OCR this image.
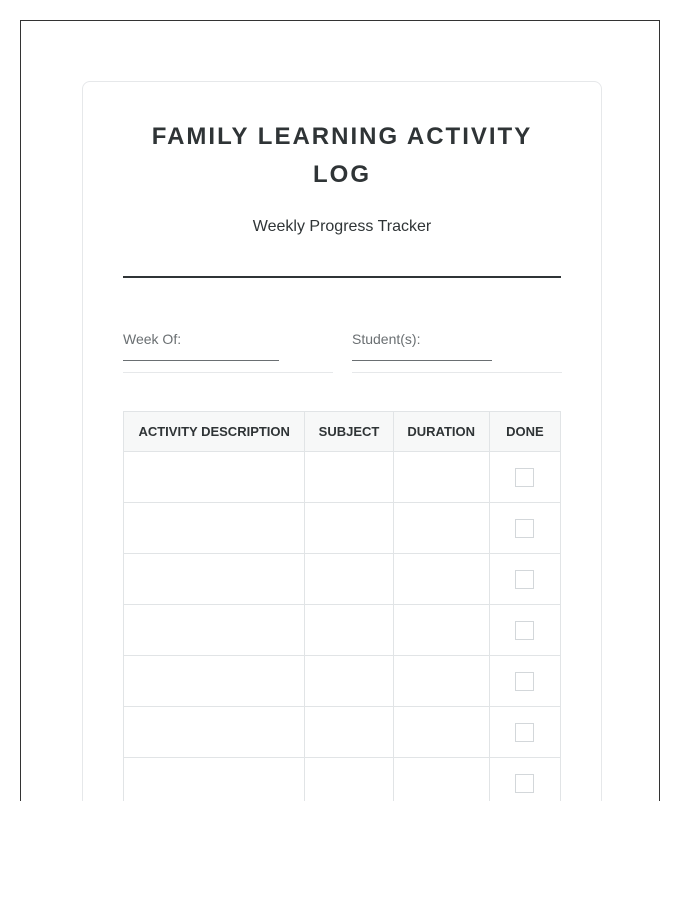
FAMILY LEARNING ACTIVITY
LOG
Weekly Progress Tracker
Week Of:	Student(s):
ACTIVITY DESCRIPTION	SUBJECT	DURATION	DONE
